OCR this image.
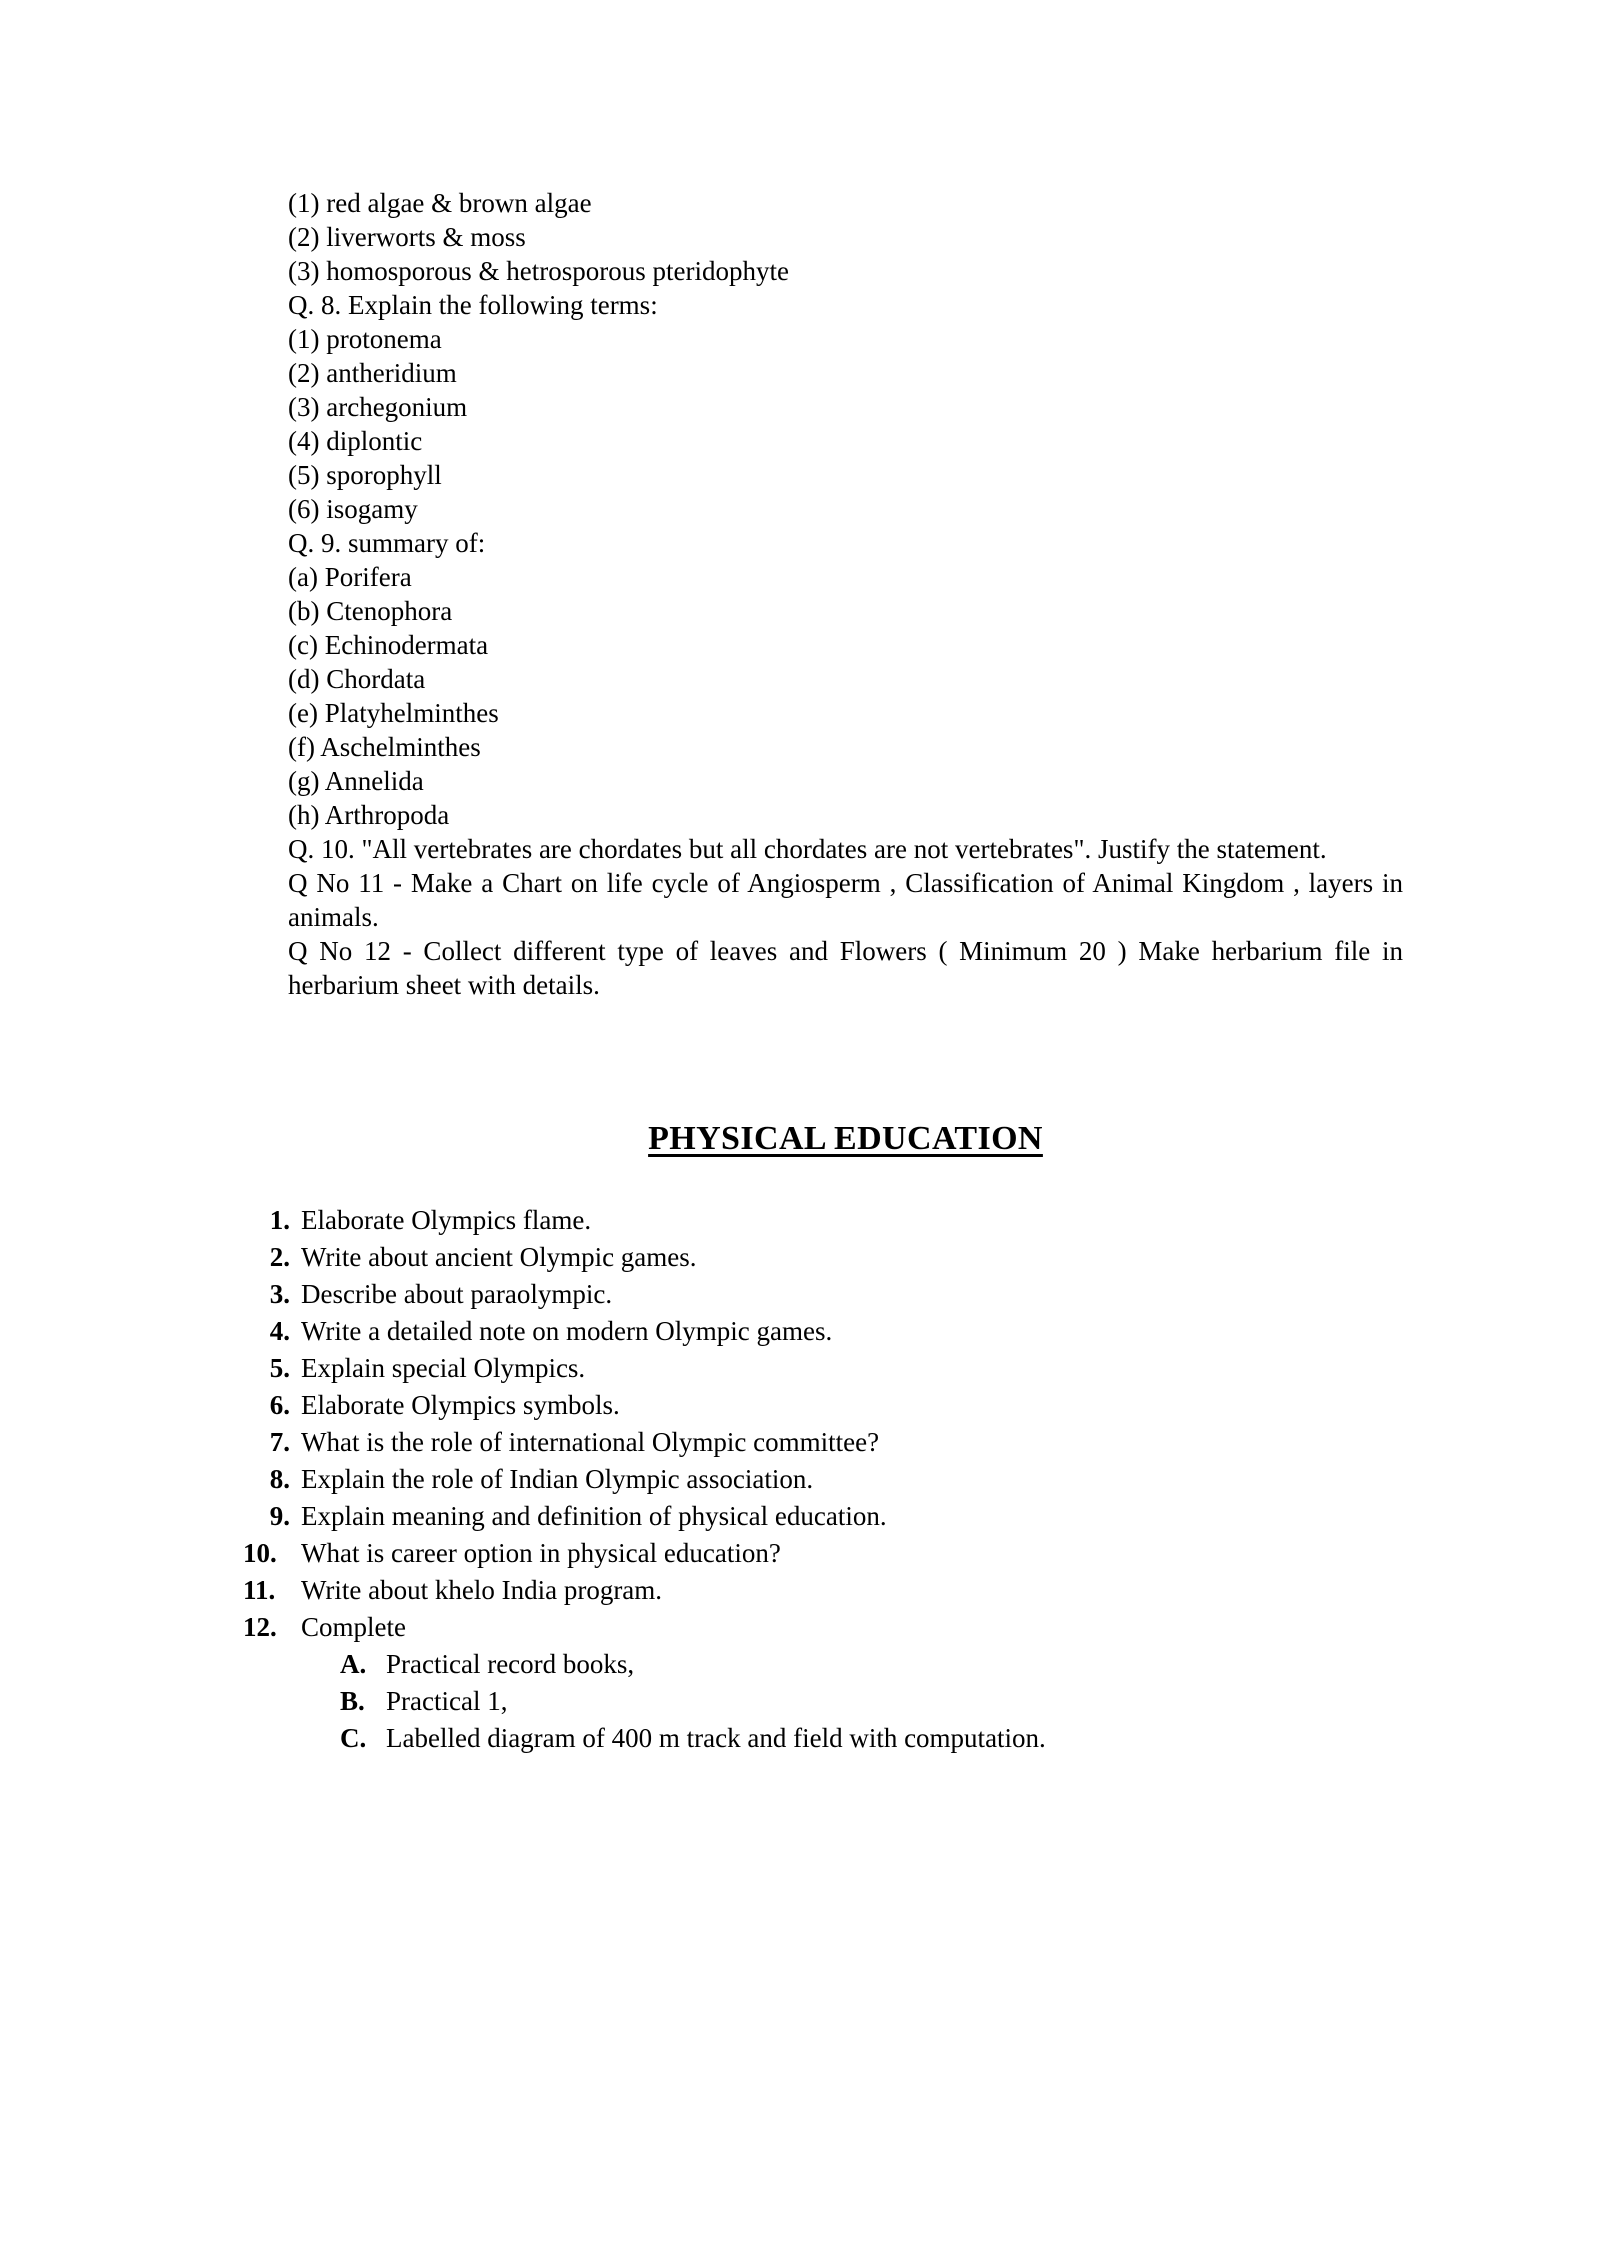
(1) red algae & brown algae
(2) liverworts & moss
(3) homosporous & hetrosporous pteridophyte
Q. 8. Explain the following terms:
(1) protonema
(2) antheridium
(3) archegonium
(4) diplontic
(5) sporophyll
(6) isogamy
Q. 9. summary of:
(a) Porifera
(b) Ctenophora
(c) Echinodermata
(d) Chordata
(e) Platyhelminthes
(f) Aschelminthes
(g) Annelida
(h) Arthropoda

Q. 10. "All vertebrates are chordates but all chordates are not vertebrates". Justify the statement.

Q No 11 - Make a Chart on life cycle of Angiosperm , Classification of Animal Kingdom , layers in animals.

Q No 12 - Collect different type of leaves and Flowers ( Minimum 20 ) Make herbarium file in herbarium sheet with details.

PHYSICAL EDUCATION
1. Elaborate Olympics flame.
2. Write about ancient Olympic games.
3. Describe about paraolympic.
4. Write a detailed note on modern Olympic games.
5. Explain special Olympics.
6. Elaborate Olympics symbols.
7. What is the role of international Olympic committee?
8. Explain the role of Indian Olympic association.
9. Explain meaning and definition of physical education.
10. What is career option in physical education?
11. Write about khelo India program.
12. Complete
A. Practical record books,
B. Practical 1,
C. Labelled diagram of 400 m track and field with computation.
